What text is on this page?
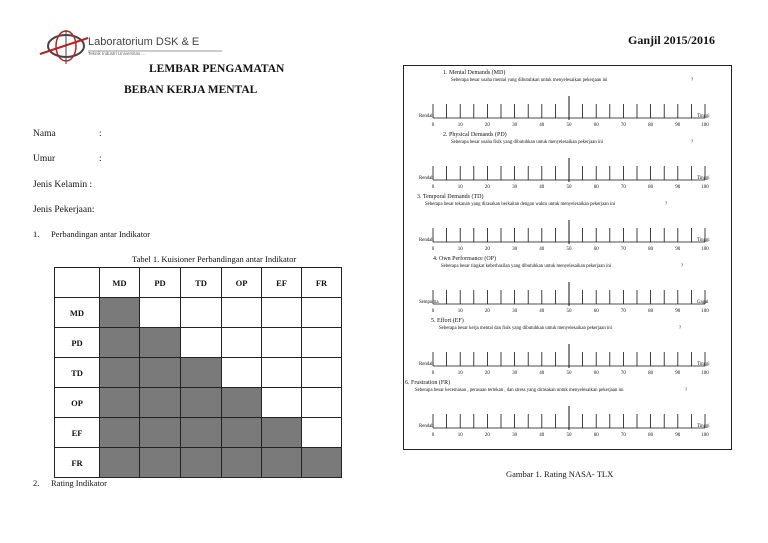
Laboratorium DSK & E
Teknik Industri Universitas ...
Ganjil 2015/2016
LEMBAR PENGAMATAN
BEBAN KERJA MENTAL
Nama	:
Umur	:
Jenis Kelamin :
Jenis Pekerjaan:
1. Perbandingan antar Indikator
2. Rating Indikator
Tabel 1. Kuisioner Perbandingan antar Indikator
	MD	PD	TD	OP	EF	FR
MD						
PD						
TD						
OP						
EF						
FR						
1. Mental Demands (MD)
Seberapa besar usaha mental yang dibutuhkan untuk menyelesaikan pekerjaan ini	?
0	10	20	30	40	50	60	70	80	90	100
Rendah	Tinggi
2. Physical Demands (PD)
Seberapa besar usaha fisik yang dibutuhkan untuk menyelesaikan pekerjaan ini	?
0	10	20	30	40	50	60	70	80	90	100
Rendah	Tinggi
3. Temporal Demands (TD)
Seberapa besar tekanan yang dirasakan berkaitan dengan waktu untuk menyelesaikan pekerjaan ini	?
0	10	20	30	40	50	60	70	80	90	100
Rendah	Tinggi
4. Own Performance (OP)
Seberapa besar tingkat keberhasilan yang dibutuhkan untuk menyelesaikan pekerjaan ini	?
0	10	20	30	40	50	60	70	80	90	100
Sempurna	Gagal
5. Effort (EF)
Seberapa besar kerja mental dan fisik yang dibutuhkan untuk menyelesaikan pekerjaan ini	?
0	10	20	30	40	50	60	70	80	90	100
Rendah	Tinggi
6. Frustration (FR)
Seberapa besar kecemasan , perasaan tertekan , dan stress yang dirasakan untuk menyelesaikan pekerjaan ini	?
0	10	20	30	40	50	60	70	80	90	100
Rendah	Tinggi
Gambar 1. Rating NASA- TLX
